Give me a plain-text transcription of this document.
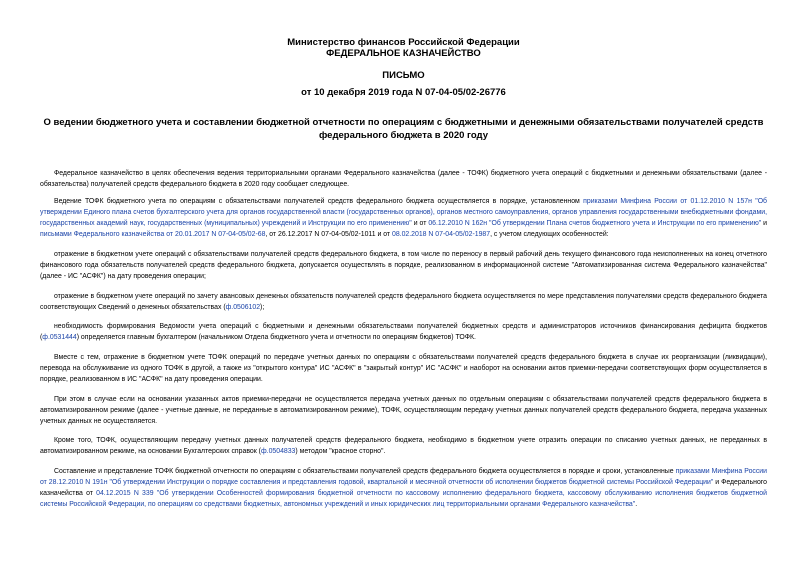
Министерство финансов Российской Федерации
ФЕДЕРАЛЬНОЕ КАЗНАЧЕЙСТВО
ПИСЬМО
от 10 декабря 2019 года N 07-04-05/02-26776
О ведении бюджетного учета и составлении бюджетной отчетности по операциям с бюджетными и денежными обязательствами получателей средств федерального бюджета в 2020 году

Федеральное казначейство в целях обеспечения ведения территориальными органами Федерального казначейства (далее - ТОФК) бюджетного учета операций с бюджетными и денежными обязательствами (далее - обязательства) получателей средств федерального бюджета в 2020 году сообщает следующее.

Ведение ТОФК бюджетного учета по операциям с обязательствами получателей средств федерального бюджета осуществляется в порядке, установленном приказами Минфина России от 01.12.2010 N 157н "Об утверждении Единого плана счетов бухгалтерского учета для органов государственной власти (государственных органов), органов местного самоуправления, органов управления государственными внебюджетными фондами, государственных академий наук, государственных (муниципальных) учреждений и Инструкции по его применению" и от 06.12.2010 N 162н "Об утверждении Плана счетов бюджетного учета и Инструкции по его применению" и письмами Федерального казначейства от 20.01.2017 N 07-04-05/02-68, от 26.12.2017 N 07-04-05/02-1011 и от 08.02.2018 N 07-04-05/02-1987, с учетом следующих особенностей:

отражение в бюджетном учете операций с обязательствами получателей средств федерального бюджета, в том числе по переносу в первый рабочий день текущего финансового года неисполненных на конец отчетного финансового года обязательств получателей средств федерального бюджета, допускается осуществлять в порядке, реализованном в информационной системе "Автоматизированная система Федерального казначейства" (далее - ИС "АСФК") на дату проведения операции;

отражение в бюджетном учете операций по зачету авансовых денежных обязательств получателей средств федерального бюджета осуществляется по мере представления получателями средств федерального бюджета соответствующих Сведений о денежных обязательствах (ф.0506102);

необходимость формирования Ведомости учета операций с бюджетными и денежными обязательствами получателей бюджетных средств и администраторов источников финансирования дефицита бюджетов (ф.0531444) определяется главным бухгалтером (начальником Отдела бюджетного учета и отчетности по операциям бюджетов) ТОФК.

Вместе с тем, отражение в бюджетном учете ТОФК операций по передаче учетных данных по операциям с обязательствами получателей средств федерального бюджета в случае их реорганизации (ликвидации), перевода на обслуживание из одного ТОФК в другой, а также из "открытого контура" ИС "АСФК" в "закрытый контур" ИС "АСФК" и наоборот на основании актов приемки-передачи соответствующих форм осуществляется в порядке, реализованном в ИС "АСФК" на дату проведения операции.

При этом в случае если на основании указанных актов приемки-передачи не осуществляется передача учетных данных по отдельным операциям с обязательствами получателей средств федерального бюджета в автоматизированном режиме (далее - учетные данные, не переданные в автоматизированном режиме), ТОФК, осуществляющим передачу учетных данных получателей средств федерального бюджета, передача указанных учетных данных не осуществляется.

Кроме того, ТОФК, осуществляющим передачу учетных данных получателей средств федерального бюджета, необходимо в бюджетном учете отразить операции по списанию учетных данных, не переданных в автоматизированном режиме, на основании Бухгалтерских справок (ф.0504833) методом "красное сторно".

Составление и представление ТОФК бюджетной отчетности по операциям с обязательствами получателей средств федерального бюджета осуществляется в порядке и сроки, установленные приказами Минфина России от 28.12.2010 N 191н "Об утверждении Инструкции о порядке составления и представления годовой, квартальной и месячной отчетности об исполнении бюджетов бюджетной системы Российской Федерации" и Федерального казначейства от 04.12.2015 N 339 "Об утверждении Особенностей формирования бюджетной отчетности по кассовому исполнению федерального бюджета, кассовому обслуживанию исполнения бюджетов бюджетной системы Российской Федерации, по операциям со средствами бюджетных, автономных учреждений и иных юридических лиц территориальными органами Федерального казначейства".
